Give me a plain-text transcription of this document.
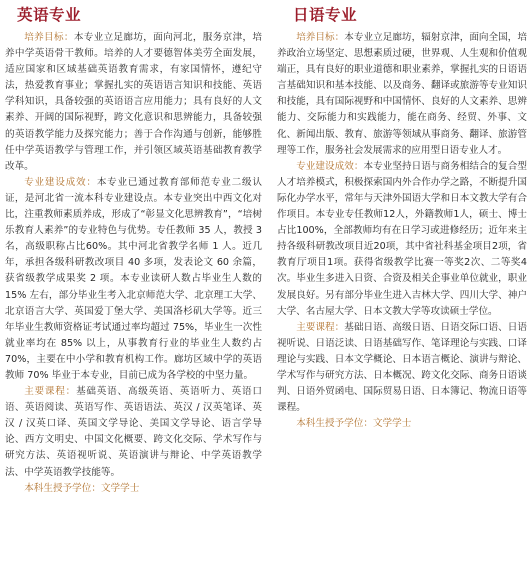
英语专业

培养目标：本专业立足廊坊，面向河北，服务京津，培养中学英语骨干教师。培养的人才要德智体美劳全面发展，适应国家和区域基础英语教育需求，有家国情怀，遵纪守法，热爱教育事业；掌握扎实的英语语言知识和技能、英语学科知识，具备较强的英语语言应用能力；具有良好的人文素养、开阔的国际视野，跨文化意识和思辨能力，具备较强的英语教学能力及探究能力；善于合作沟通与创新，能够胜任中学英语教学与管理工作，并引领区域英语基础教育教学改革。

专业建设成效：本专业已通过教育部师范专业二级认证，是河北省一流本科专业建设点。本专业突出中西文化对比，注重教师素质养成，形成了“彰显文化思辨教育”，“培树乐教育人素养”的专业特色与优势。专任教师 35 人，教授 3 名，高级职称占比60%。其中河北省教学名师 1 人。近几年，承担各级科研教改项目 40 多项，发表论文 60 余篇，获省级教学成果奖 2 项。本专业读研人数占毕业生人数的15% 左右，部分毕业生考入北京师范大学、北京理工大学、北京语言大学、英国爱丁堡大学、美国洛杉矶大学等。近三年毕业生教师资格证考试通过率均超过 75%，毕业生一次性就业率均在 85% 以上，从事教育行业的毕业生人数约占 70%，主要在中小学和教育机构工作。廊坊区域中学的英语教师 70% 毕业于本专业，目前已成为各学校的中坚力量。

主要课程：基础英语、高级英语、英语听力、英语口语、英语阅读、英语写作、英语语法、英汉 / 汉英笔译、英汉 / 汉英口译、英国文学导论、美国文学导论、语言学导论、西方文明史、中国文化概要、跨文化交际、学术写作与研究方法、英语视听说、英语演讲与辩论、中学英语教学法、中学英语教学技能等。

本科生授予学位：文学学士

日语专业

培养目标：本专业立足廊坊，辐射京津，面向全国，培养政治立场坚定、思想素质过硬，世界观、人生观和价值观端正，具有良好的职业道德和职业素养，掌握扎实的日语语言基础知识和基本技能、以及商务、翻译或旅游等专业知识和技能，具有国际视野和中国情怀、良好的人文素养、思辨能力、交际能力和实践能力，能在商务、经贸、外事、文化、新闻出版、教育、旅游等领域从事商务、翻译、旅游管理等工作，服务社会发展需求的应用型日语专业人才。

专业建设成效：本专业坚持日语与商务相结合的复合型人才培养模式，积极探索国内外合作办学之路，不断提升国际化办学水平，常年与天津外国语大学和日本文教大学有合作项目。本专业专任教师12人，外籍教师1人，硕士、博士占比100%，全部教师均有在日学习或进修经历；近年来主持各级科研教改项目近20项，其中省社科基金项目2项，省教育厅项目1项。获得省级教学比赛一等奖2次、二等奖4次。毕业生多进入日资、合资及相关企事业单位就业，职业发展良好。另有部分毕业生进入吉林大学、四川大学、神户大学、名古屋大学、日本文教大学等攻读硕士学位。

主要课程：基础日语、高级日语、日语交际口语、日语视听说、日语泛读、日语基础写作、笔译理论与实践、口译理论与实践、日本文学概论、日本语言概论、演讲与辩论、学术写作与研究方法、日本概况、跨文化交际、商务日语谈判、日语外贸函电、国际贸易日语、日本簿记、物流日语等课程。

本科生授予学位：文学学士
